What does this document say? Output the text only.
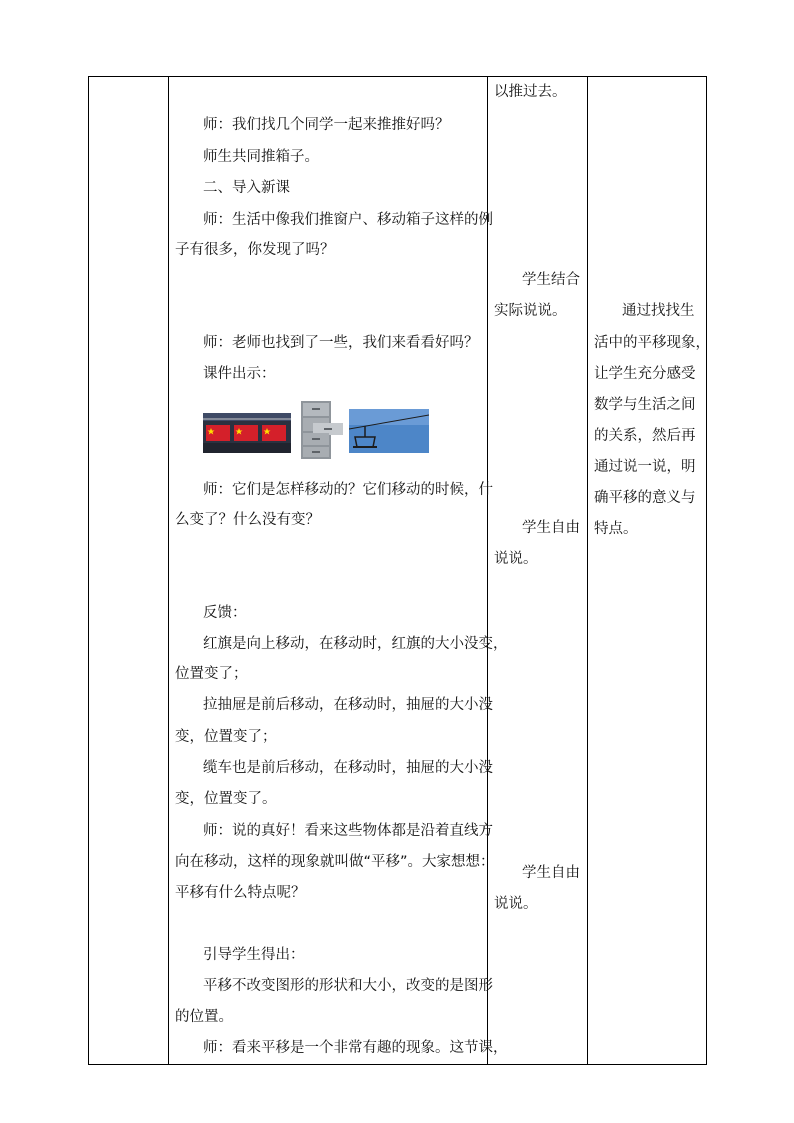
师：我们找几个同学一起来推推好吗？
师生共同推箱子。
二、导入新课
师：生活中像我们推窗户、移动箱子这样的例
子有很多，你发现了吗？
师：老师也找到了一些，我们来看看好吗？
课件出示：
师：它们是怎样移动的？它们移动的时候，什
么变了？什么没有变？
反馈：
红旗是向上移动，在移动时，红旗的大小没变，
位置变了；
拉抽屉是前后移动，在移动时，抽屉的大小没
变，位置变了；
缆车也是前后移动，在移动时，抽屉的大小没
变，位置变了。
师：说的真好！看来这些物体都是沿着直线方
向在移动，这样的现象就叫做“平移”。大家想想：
平移有什么特点呢？
引导学生得出：
平移不改变图形的形状和大小，改变的是图形
的位置。
师：看来平移是一个非常有趣的现象。这节课，
以推过去。
学生结合
实际说说。
学生自由
说说。
学生自由
说说。
通过找找生
活中的平移现象，
让学生充分感受
数学与生活之间
的关系，然后再
通过说一说，明
确平移的意义与
特点。
